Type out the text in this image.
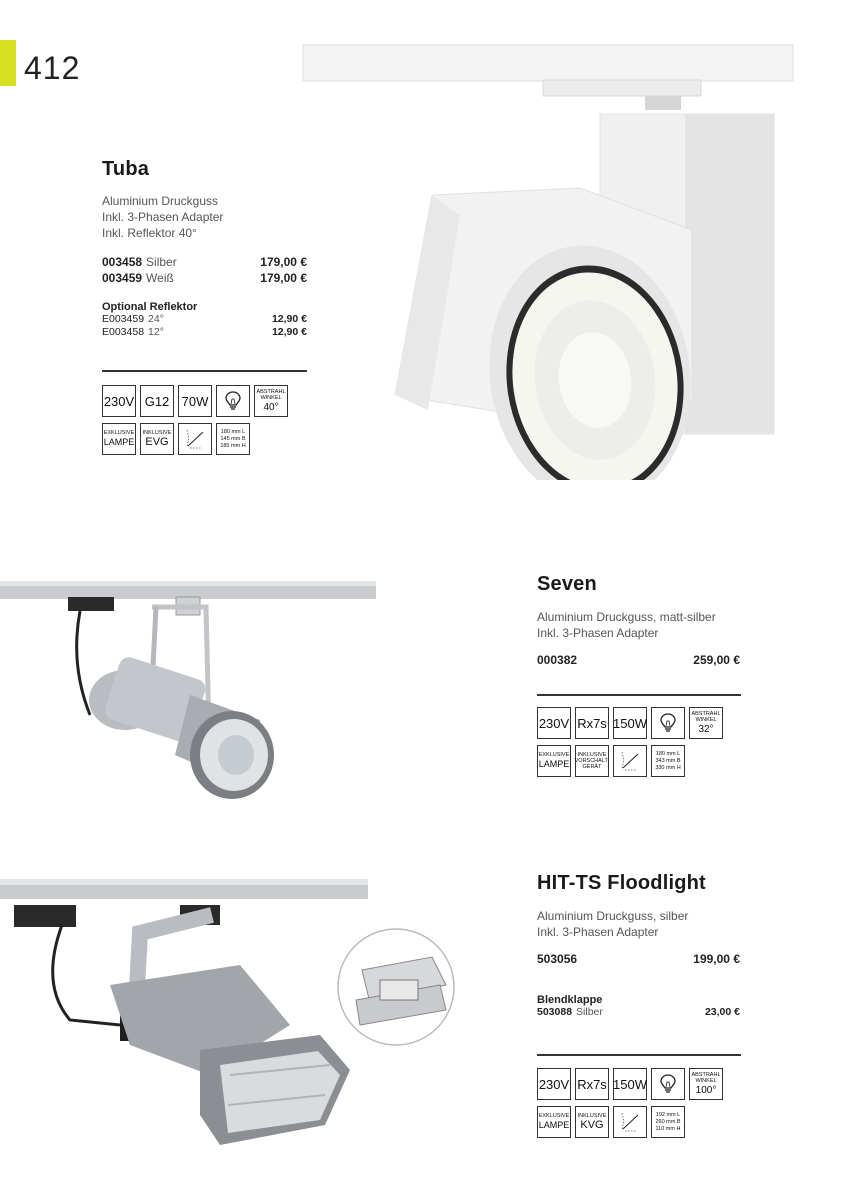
412
Tuba
Aluminium Druckguss
Inkl. 3-Phasen Adapter
Inkl. Reflektor 40°
003458 Silber	179,00 €
003459 Weiß	179,00 €
Optional Reflektor
E003459 24°	12,90 €
E003458 12°	12,90 €
230V G12 70W
ABSTRAHL
WINKEL
40°
EXKLUSIVE
LAMPE
INKLUSIVE
EVG
180 mm L
145 mm B
185 mm H
Seven
Aluminium Druckguss, matt-silber
Inkl. 3-Phasen Adapter
000382	259,00 €
230V Rx7s 150W
ABSTRAHL
WINKEL
32°
EXKLUSIVE
LAMPE
INKLUSIVE
VORSCHALT-
GERÄT
180 mm L
343 mm B
330 mm H
HIT-TS Floodlight
Aluminium Druckguss, silber
Inkl. 3-Phasen Adapter
503056	199,00 €
Blendklappe
503088 Silber	23,00 €
230V Rx7s 150W
ABSTRAHL
WINKEL
100°
EXKLUSIVE
LAMPE
INKLUSIVE
KVG
192 mm L
260 mm B
110 mm H
